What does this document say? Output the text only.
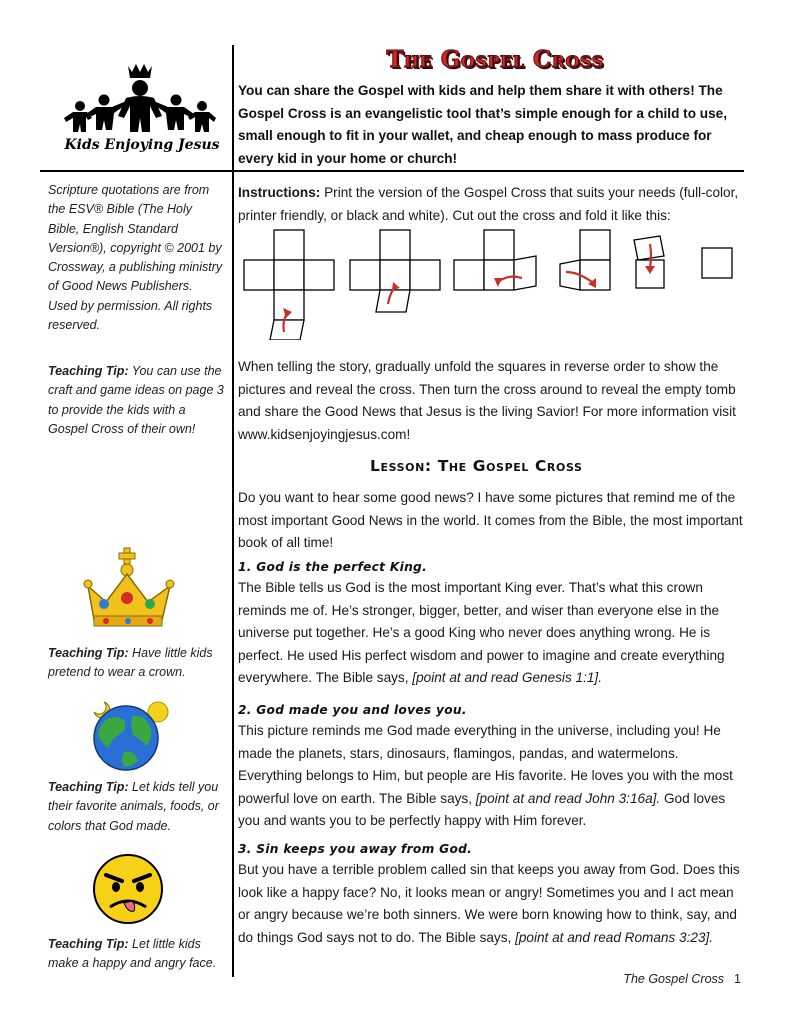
Kids Enjoying Jesus
The Gospel Cross
You can share the Gospel with kids and help them share it with others! The Gospel Cross is an evangelistic tool that’s simple enough for a child to use, small enough to fit in your wallet, and cheap enough to mass produce for every kid in your home or church!
Scripture quotations are from the ESV® Bible (The Holy Bible, English Standard Version®), copyright © 2001 by Crossway, a publishing ministry of Good News Publishers. Used by permission. All rights reserved.
Teaching Tip: You can use the craft and game ideas on page 3 to provide the kids with a Gospel Cross of their own!
Teaching Tip: Have little kids pretend to wear a crown.
Teaching Tip: Let kids tell you their favorite animals, foods, or colors that God made.
Teaching Tip: Let little kids make a happy and angry face.
Instructions: Print the version of the Gospel Cross that suits your needs (full-color, printer friendly, or black and white). Cut out the cross and fold it like this:
When telling the story, gradually unfold the squares in reverse order to show the pictures and reveal the cross. Then turn the cross around to reveal the empty tomb and share the Good News that Jesus is the living Savior! For more information visit www.kidsenjoyingjesus.com!
Lesson: The Gospel Cross
Do you want to hear some good news? I have some pictures that remind me of the most important Good News in the world. It comes from the Bible, the most important book of all time!
1. God is the perfect King.
The Bible tells us God is the most important King ever. That’s what this crown reminds me of. He’s stronger, bigger, better, and wiser than everyone else in the universe put together. He’s a good King who never does anything wrong. He is perfect. He used His perfect wisdom and power to imagine and create everything everywhere. The Bible says, [point at and read Genesis 1:1].
2. God made you and loves you.
This picture reminds me God made everything in the universe, including you! He made the planets, stars, dinosaurs, flamingos, pandas, and watermelons. Everything belongs to Him, but people are His favorite. He loves you with the most powerful love on earth. The Bible says, [point at and read John 3:16a]. God loves you and wants you to be perfectly happy with Him forever.
3. Sin keeps you away from God.
But you have a terrible problem called sin that keeps you away from God. Does this look like a happy face? No, it looks mean or angry! Sometimes you and I act mean or angry because we’re both sinners. We were born knowing how to think, say, and do things God says not to do. The Bible says, [point at and read Romans 3:23].
The Gospel Cross 1
